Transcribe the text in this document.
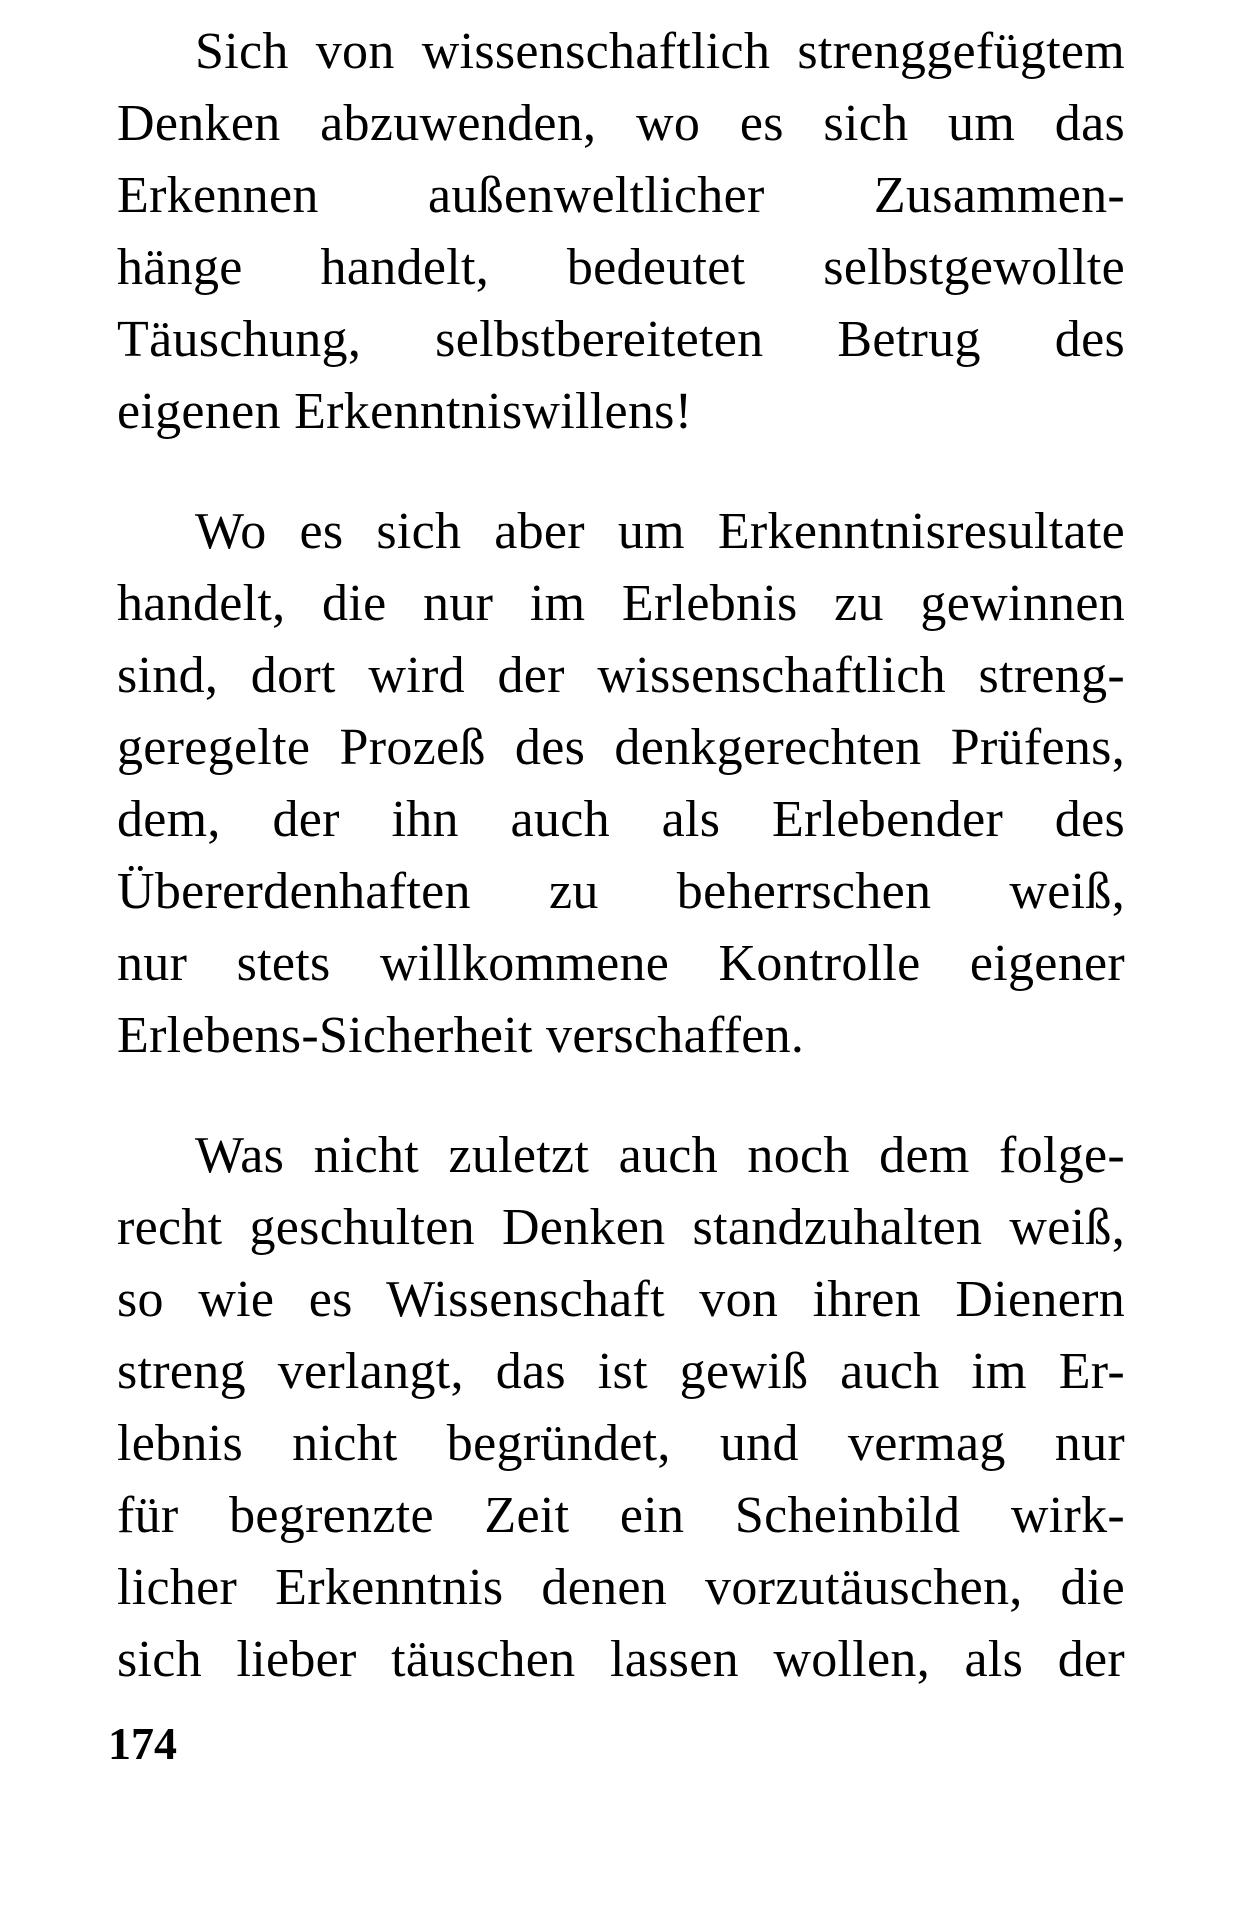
Sich von wissenschaftlich strenggefügtem
Denken abzuwenden, wo es sich um das
Erkennen außenweltlicher Zusammen-
hänge handelt, bedeutet selbstgewollte
Täuschung, selbstbereiteten Betrug des
eigenen Erkenntniswillens!
Wo es sich aber um Erkenntnisresultate
handelt, die nur im Erlebnis zu gewinnen
sind, dort wird der wissenschaftlich streng-
geregelte Prozeß des denkgerechten Prüfens,
dem, der ihn auch als Erlebender des
Übererdenhaften zu beherrschen weiß,
nur stets willkommene Kontrolle eigener
Erlebens-Sicherheit verschaffen.
Was nicht zuletzt auch noch dem folge-
recht geschulten Denken standzuhalten weiß,
so wie es Wissenschaft von ihren Dienern
streng verlangt, das ist gewiß auch im Er-
lebnis nicht begründet, und vermag nur
für begrenzte Zeit ein Scheinbild wirk-
licher Erkenntnis denen vorzutäuschen, die
sich lieber täuschen lassen wollen, als der
174
